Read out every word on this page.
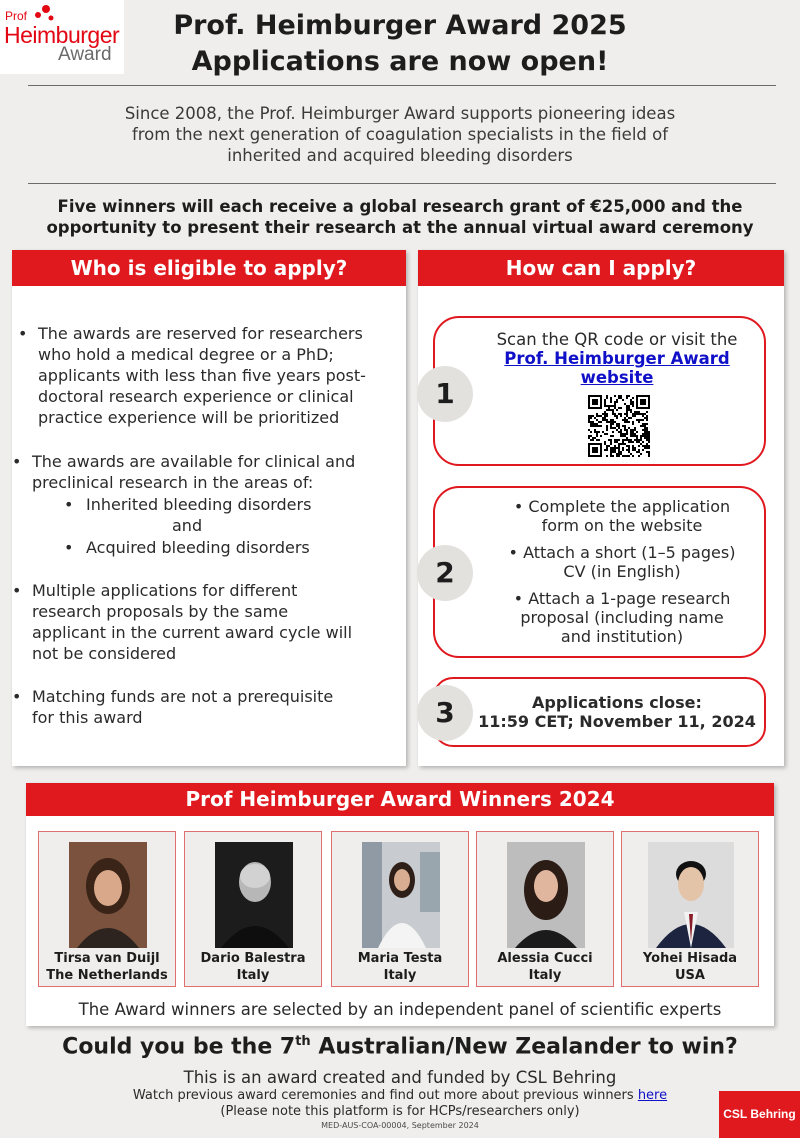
Prof
Heimburger
Award
Prof. Heimburger Award 2025
Applications are now open!
Since 2008, the Prof. Heimburger Award supports pioneering ideas
from the next generation of coagulation specialists in the field of
inherited and acquired bleeding disorders
Five winners will each receive a global research grant of €25,000 and the
opportunity to present their research at the annual virtual award ceremony
Who is eligible to apply?
• The awards are reserved for researchers
who hold a medical degree or a PhD;
applicants with less than five years post-
doctoral research experience or clinical
practice experience will be prioritized
• The awards are available for clinical and
preclinical research in the areas of:
• Inherited bleeding disorders
and
• Acquired bleeding disorders
• Multiple applications for different
research proposals by the same
applicant in the current award cycle will
not be considered
• Matching funds are not a prerequisite
for this award
How can I apply?
1
Scan the QR code or visit the
Prof. Heimburger Award
website
2
• Complete the application
form on the website
• Attach a short (1–5 pages)
CV (in English)
• Attach a 1-page research
proposal (including name
and institution)
3	Applications close:
11:59 CET; November 11, 2024
Prof Heimburger Award Winners 2024
Tirsa van Duijl
The Netherlands
Dario Balestra
Italy
Maria Testa
Italy
Alessia Cucci
Italy
Yohei Hisada
USA
The Award winners are selected by an independent panel of scientific experts
Could you be the 7th Australian/New Zealander to win?
This is an award created and funded by CSL Behring
Watch previous award ceremonies and find out more about previous winners here
(Please note this platform is for HCPs/researchers only)
MED-AUS-COA-00004, September 2024
CSL Behring
